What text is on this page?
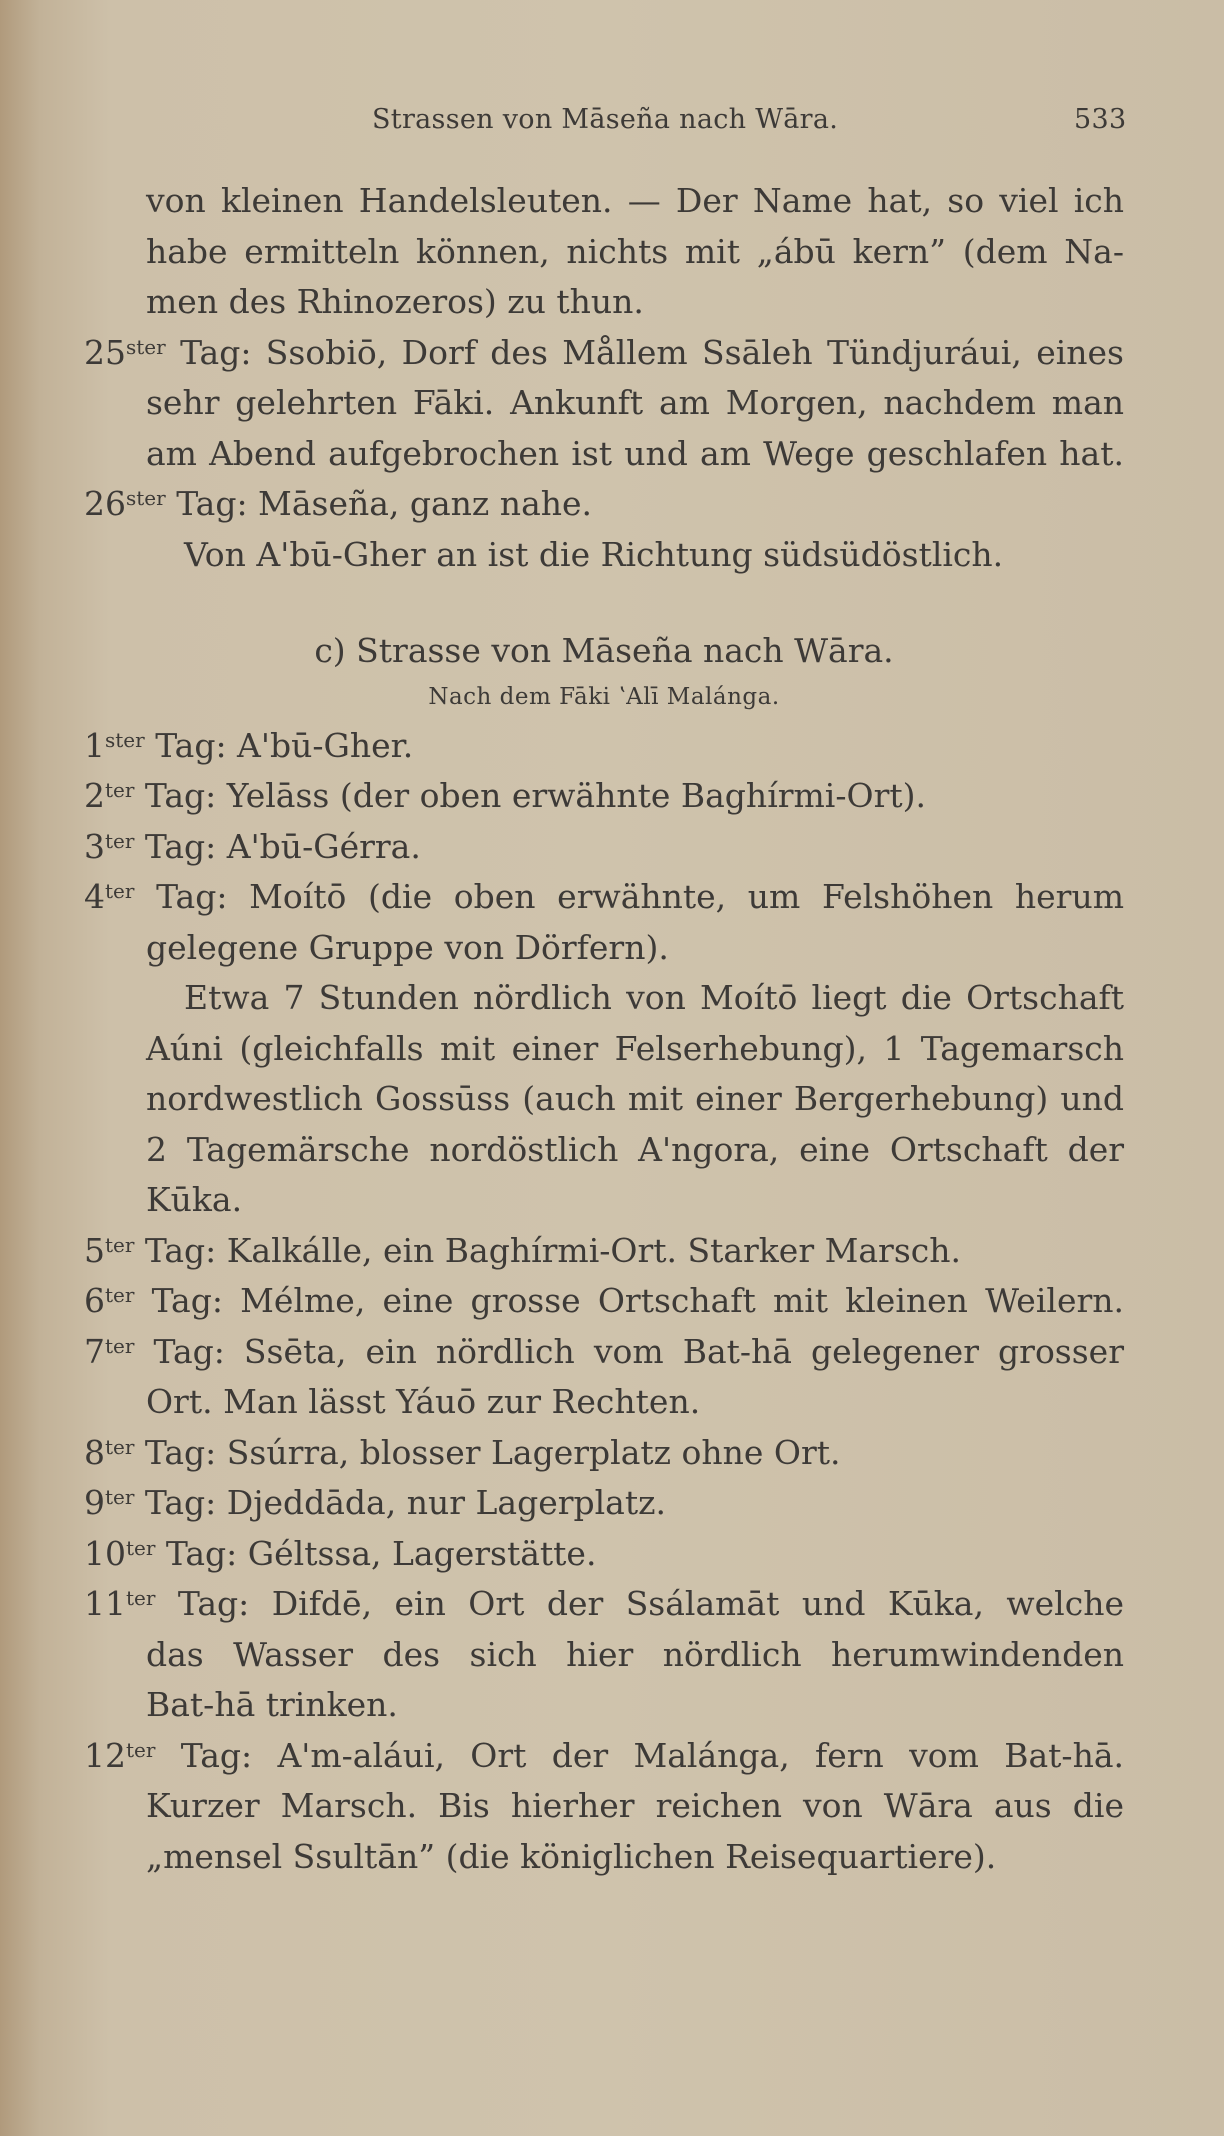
Strassen von Māseña nach Wāra.	533
von kleinen Handelsleuten. — Der Name hat, so viel ich
habe ermitteln können, nichts mit „ábū kern” (dem Na-
men des Rhinozeros) zu thun.
$25^{ster}$ Tag: Ssobiō, Dorf des Mållem Ssāleh Tündjuráui, eines
sehr gelehrten Fāki. Ankunft am Morgen, nachdem man
am Abend aufgebrochen ist und am Wege geschlafen hat.
$26^{ster}$ Tag: Māseña, ganz nahe.
Von A'bū-Gher an ist die Richtung südsüdöstlich.
c) Strasse von Māseña nach Wāra.
Nach dem Fāki ʽAlī Malánga.
$1^{ster}$ Tag: A'bū-Gher.
$2^{ter}$ Tag: Yelāss (der oben erwähnte Baghírmi-Ort).
$3^{ter}$ Tag: A'bū-Gérra.
$4^{ter}$ Tag: Moítō (die oben erwähnte, um Felshöhen herum
gelegene Gruppe von Dörfern).
Etwa 7 Stunden nördlich von Moítō liegt die Ortschaft
Aúni (gleichfalls mit einer Felserhebung), 1 Tagemarsch
nordwestlich Gossūss (auch mit einer Bergerhebung) und
2 Tagemärsche nordöstlich A'ngora, eine Ortschaft der
Kūka.
$5^{ter}$ Tag: Kalkálle, ein Baghírmi-Ort. Starker Marsch.
$6^{ter}$ Tag: Mélme, eine grosse Ortschaft mit kleinen Weilern.
$7^{ter}$ Tag: Ssēta, ein nördlich vom Bat-hā gelegener grosser
Ort. Man lässt Yáuō zur Rechten.
$8^{ter}$ Tag: Ssúrra, blosser Lagerplatz ohne Ort.
$9^{ter}$ Tag: Djeddāda, nur Lagerplatz.
$10^{ter}$ Tag: Géltssa, Lagerstätte.
$11^{ter}$ Tag: Difdē, ein Ort der Ssálamāt und Kūka, welche
das Wasser des sich hier nördlich herumwindenden
Bat-hā trinken.
$12^{ter}$ Tag: A'm-aláui, Ort der Malánga, fern vom Bat-hā.
Kurzer Marsch. Bis hierher reichen von Wāra aus die
„mensel Ssultān” (die königlichen Reisequartiere).
